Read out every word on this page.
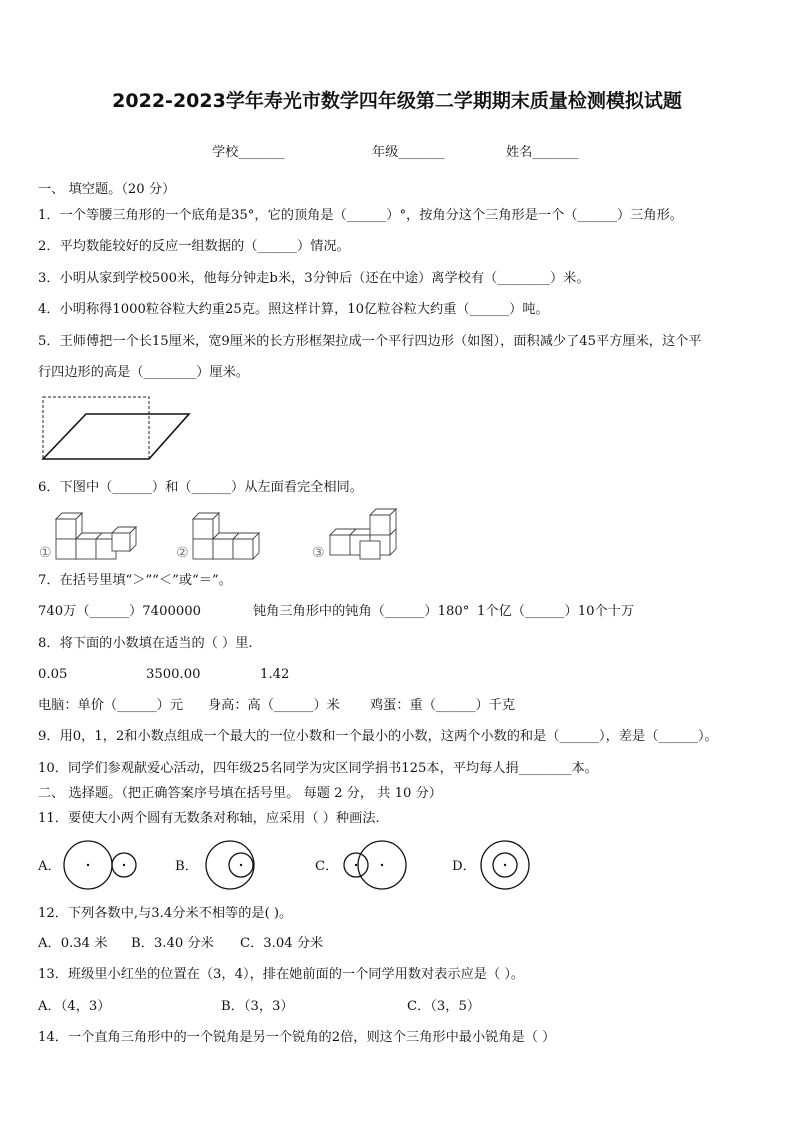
2022-2023学年寿光市数学四年级第二学期期末质量检测模拟试题
学校_______	年级_______	姓名_______
一、 填空题。（20 分）
1．一个等腰三角形的一个底角是35°，它的顶角是（______）°，按角分这个三角形是一个（______）三角形。
2．平均数能较好的反应一组数据的（______）情况。
3．小明从家到学校500米，他每分钟走b米，3分钟后（还在中途）离学校有（________）米。
4．小明称得1000粒谷粒大约重25克。照这样计算，10亿粒谷粒大约重（______）吨。
5．王师傅把一个长15厘米，宽9厘米的长方形框架拉成一个平行四边形（如图），面积减少了45平方厘米，这个平
行四边形的高是（________）厘米。
6．下图中（______）和（______）从左面看完全相同。
①	②	③
7．在括号里填“＞”“＜”或“＝”。
740万（______）7400000	钝角三角形中的钝角（______）180° 1个亿（______）10个十万
8．将下面的小数填在适当的（ ）里.
0.05	3500.00	1.42
电脑：单价（______）元 身高：高（______）米 鸡蛋：重（______）千克
9．用0，1，2和小数点组成一个最大的一位小数和一个最小的小数，这两个小数的和是（______），差是（______）。
10．同学们参观献爱心活动，四年级25名同学为灾区同学捐书125本，平均每人捐________本。
二、 选择题。（把正确答案序号填在括号里。 每题 2 分， 共 10 分）
11．要使大小两个圆有无数条对称轴，应采用（ ）种画法.
A．	B．	C．	D．
12．下列各数中,与3.4分米不相等的是( )。
A．0.34 米 B．3.40 分米 C．3.04 分米
13．班级里小红坐的位置在（3，4），排在她前面的一个同学用数对表示应是（ ）。
A．（4，3）	B．（3，3）	C．（3，5）
14．一个直角三角形中的一个锐角是另一个锐角的2倍，则这个三角形中最小锐角是（ ）
